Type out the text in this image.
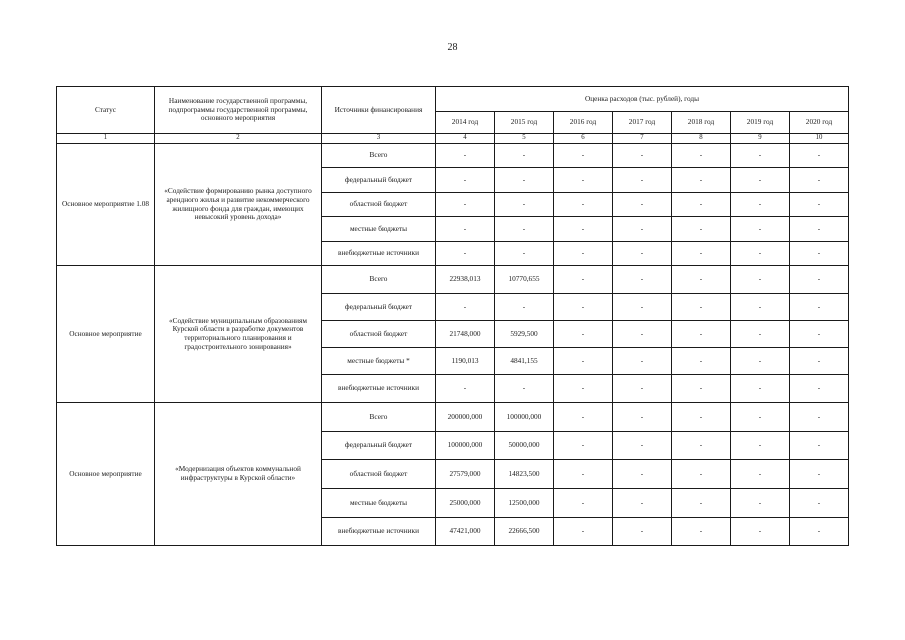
28
Статус	Наименование государственной программы, подпрограммы государственной программы, основного мероприятия	Источники финансирования	Оценка расходов (тыс. рублей), годы						
			2014 год	2015 год	2016 год	2017 год	2018 год	2019 год	2020 год
1	2	3	4	5	6	7	8	9	10
Основное мероприятие 1.08	«Содействие формированию рынка доступного арендного жилья и развитие некоммерческого жилищного фонда для граждан, имеющих невысокий уровень дохода»	Всего	-	-	-	-	-	-	-
		федеральный бюджет	-	-	-	-	-	-	-
		областной бюджет	-	-	-	-	-	-	-
		местные бюджеты	-	-	-	-	-	-	-
		внебюджетные источники	-	-	-	-	-	-	-
Основное мероприятие	«Содействие муниципальным образованиям Курской области в разработке документов территориального планирования и градостроительного зонирования»	Всего	22938,013	10770,655	-	-	-	-	-
		федеральный бюджет	-	-	-	-	-	-	-
		областной бюджет	21748,000	5929,500	-	-	-	-	-
		местные бюджеты *	1190,013	4841,155	-	-	-	-	-
		внебюджетные источники	-	-	-	-	-	-	-
Основное мероприятие	«Модернизация объектов коммунальной инфраструктуры в Курской области»	Всего	200000,000	100000,000	-	-	-	-	-
		федеральный бюджет	100000,000	50000,000	-	-	-	-	-
		областной бюджет	27579,000	14823,500	-	-	-	-	-
		местные бюджеты	25000,000	12500,000	-	-	-	-	-
		внебюджетные источники	47421,000	22666,500	-	-	-	-	-
